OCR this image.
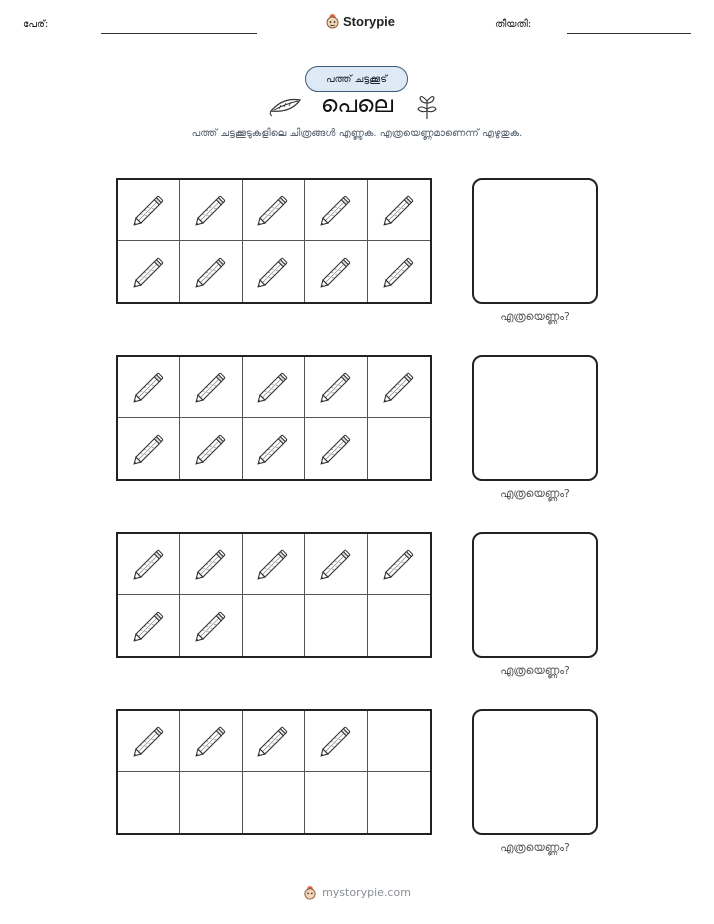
പേര്:	Storypie	തീയതി:
പത്ത് ചട്ടക്കൂട്
പെലെ
പത്ത് ചട്ടക്കൂടുകളിലെ ചിത്രങ്ങൾ എണ്ണുക. എത്രയെണ്ണമാണെന്ന് എഴുതുക.
എത്രയെണ്ണം?
എത്രയെണ്ണം?
എത്രയെണ്ണം?
എത്രയെണ്ണം?
mystorypie.com
